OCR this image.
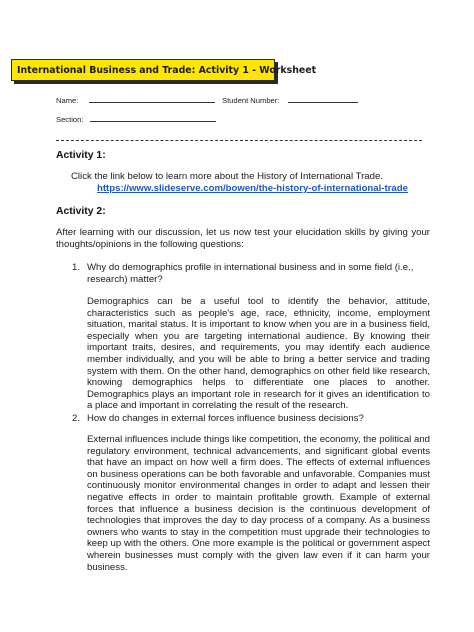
International Business and Trade: Activity 1 - Worksheet
Name:	Student Number:
Section:
Activity 1:
Click the link below to learn more about the History of International Trade.
https://www.slideserve.com/bowen/the-history-of-international-trade
Activity 2:
After learning with our discussion, let us now test your elucidation skills by giving your thoughts/opinions in the following questions:
1. Why do demographics profile in international business and in some field (i.e., research) matter?
Demographics can be a useful tool to identify the behavior, attitude, characteristics such as people's age, race, ethnicity, income, employment situation, marital status. It is important to know when you are in a business field, especially when you are targeting international audience. By knowing their important traits, desires, and requirements, you may identify each audience member individually, and you will be able to bring a better service and trading system with them. On the other hand, demographics on other field like research, knowing demographics helps to differentiate one places to another. Demographics plays an important role in research for it gives an identification to a place and important in correlating the result of the research.
2. How do changes in external forces influence business decisions?
External influences include things like competition, the economy, the political and regulatory environment, technical advancements, and significant global events that have an impact on how well a firm does. The effects of external influences on business operations can be both favorable and unfavorable. Companies must continuously monitor environmental changes in order to adapt and lessen their negative effects in order to maintain profitable growth. Example of external forces that influence a business decision is the continuous development of technologies that improves the day to day process of a company. As a business owners who wants to stay in the competition must upgrade their technologies to keep up with the others. One more example is the political or government aspect wherein businesses must comply with the given law even if it can harm your business.
